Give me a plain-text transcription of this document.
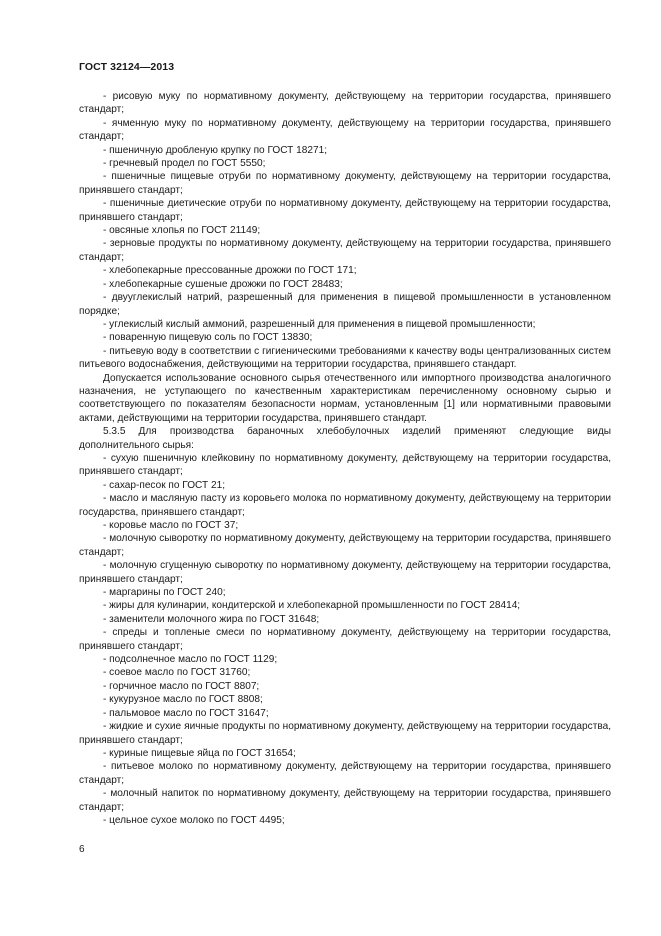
ГОСТ 32124—2013

- рисовую муку по нормативному документу, действующему на территории государства, принявшего стандарт;

- ячменную муку по нормативному документу, действующему на территории государства, принявшего стандарт;

- пшеничную дробленую крупку по ГОСТ 18271;

- гречневый продел по ГОСТ 5550;

- пшеничные пищевые отруби по нормативному документу, действующему на территории государства, принявшего стандарт;

- пшеничные диетические отруби по нормативному документу, действующему на территории государства, принявшего стандарт;

- овсяные хлопья по ГОСТ 21149;

- зерновые продукты по нормативному документу, действующему на территории государства, принявшего стандарт;

- хлебопекарные прессованные дрожжи по ГОСТ 171;

- хлебопекарные сушеные дрожжи по ГОСТ 28483;

- двууглекислый натрий, разрешенный для применения в пищевой промышленности в установленном порядке;

- углекислый кислый аммоний, разрешенный для применения в пищевой промышленности;

- поваренную пищевую соль по ГОСТ 13830;

- питьевую воду в соответствии с гигиеническими требованиями к качеству воды централизованных систем питьевого водоснабжения, действующими на территории государства, принявшего стандарт.

Допускается использование основного сырья отечественного или импортного производства аналогичного назначения, не уступающего по качественным характеристикам перечисленному основному сырью и соответствующего по показателям безопасности нормам, установленным [1] или нормативными правовыми актами, действующими на территории государства, принявшего стандарт.

5.3.5 Для производства бараночных хлебобулочных изделий применяют следующие виды дополнительного сырья:

- сухую пшеничную клейковину по нормативному документу, действующему на территории государства, принявшего стандарт;

- сахар-песок по ГОСТ 21;

- масло и масляную пасту из коровьего молока по нормативному документу, действующему на территории государства, принявшего стандарт;

- коровье масло по ГОСТ 37;

- молочную сыворотку по нормативному документу, действующему на территории государства, принявшего стандарт;

- молочную сгущенную сыворотку по нормативному документу, действующему на территории государства, принявшего стандарт;

- маргарины по ГОСТ 240;

- жиры для кулинарии, кондитерской и хлебопекарной промышленности по ГОСТ 28414;

- заменители молочного жира по ГОСТ 31648;

- спреды и топленые смеси по нормативному документу, действующему на территории государства, принявшего стандарт;

- подсолнечное масло по ГОСТ 1129;

- соевое масло по ГОСТ 31760;

- горчичное масло по ГОСТ 8807;

- кукурузное масло по ГОСТ 8808;

- пальмовое масло по ГОСТ 31647;

- жидкие и сухие яичные продукты по нормативному документу, действующему на территории государства, принявшего стандарт;

- куриные пищевые яйца по ГОСТ 31654;

- питьевое молоко по нормативному документу, действующему на территории государства, принявшего стандарт;

- молочный напиток по нормативному документу, действующему на территории государства, принявшего стандарт;

- цельное сухое молоко по ГОСТ 4495;

6
